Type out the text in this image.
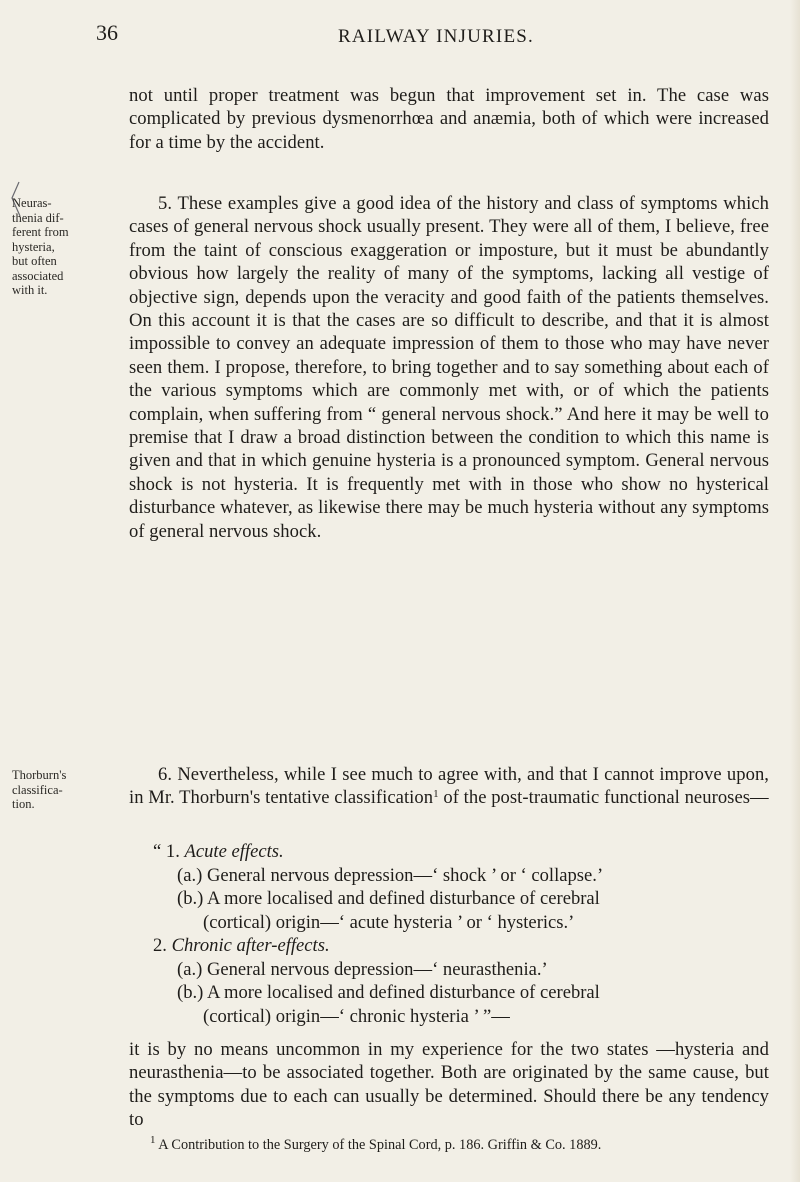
36	RAILWAY INJURIES.

not until proper treatment was begun that improvement set in. The case was complicated by previous dysmenorrhœa and anæmia, both of which were increased for a time by the accident.

Neuras-
thenia dif-
ferent from
hysteria,
but often
associated
with it.

5. These examples give a good idea of the history and class of symptoms which cases of general nervous shock usually present. They were all of them, I believe, free from the taint of conscious exaggeration or imposture, but it must be abundantly obvious how largely the reality of many of the symptoms, lacking all vestige of objective sign, depends upon the veracity and good faith of the patients themselves. On this account it is that the cases are so difficult to describe, and that it is almost impossible to convey an adequate impression of them to those who may have never seen them. I propose, therefore, to bring together and to say something about each of the various symptoms which are commonly met with, or of which the patients complain, when suffering from “ general nervous shock.” And here it may be well to premise that I draw a broad distinction between the condition to which this name is given and that in which genuine hysteria is a pronounced symptom. General nervous shock is not hysteria. It is frequently met with in those who show no hysterical disturbance whatever, as likewise there may be much hysteria without any symptoms of general nervous shock.

Thorburn's
classifica-
tion.

6. Nevertheless, while I see much to agree with, and that I cannot improve upon, in Mr. Thorburn's tentative classification$^1$ of the post-traumatic functional neuroses—

“ 1. Acute effects.
(a.) General nervous depression—‘ shock ’ or ‘ collapse.’
(b.) A more localised and defined disturbance of cerebral
(cortical) origin—‘ acute hysteria ’ or ‘ hysterics.’
2. Chronic after-effects.
(a.) General nervous depression—‘ neurasthenia.’
(b.) A more localised and defined disturbance of cerebral
(cortical) origin—‘ chronic hysteria ’ ”—

it is by no means uncommon in my experience for the two states —hysteria and neurasthenia—to be associated together. Both are originated by the same cause, but the symptoms due to each can usually be determined. Should there be any tendency to

$^1$ A Contribution to the Surgery of the Spinal Cord, p. 186. Griffin & Co. 1889.
